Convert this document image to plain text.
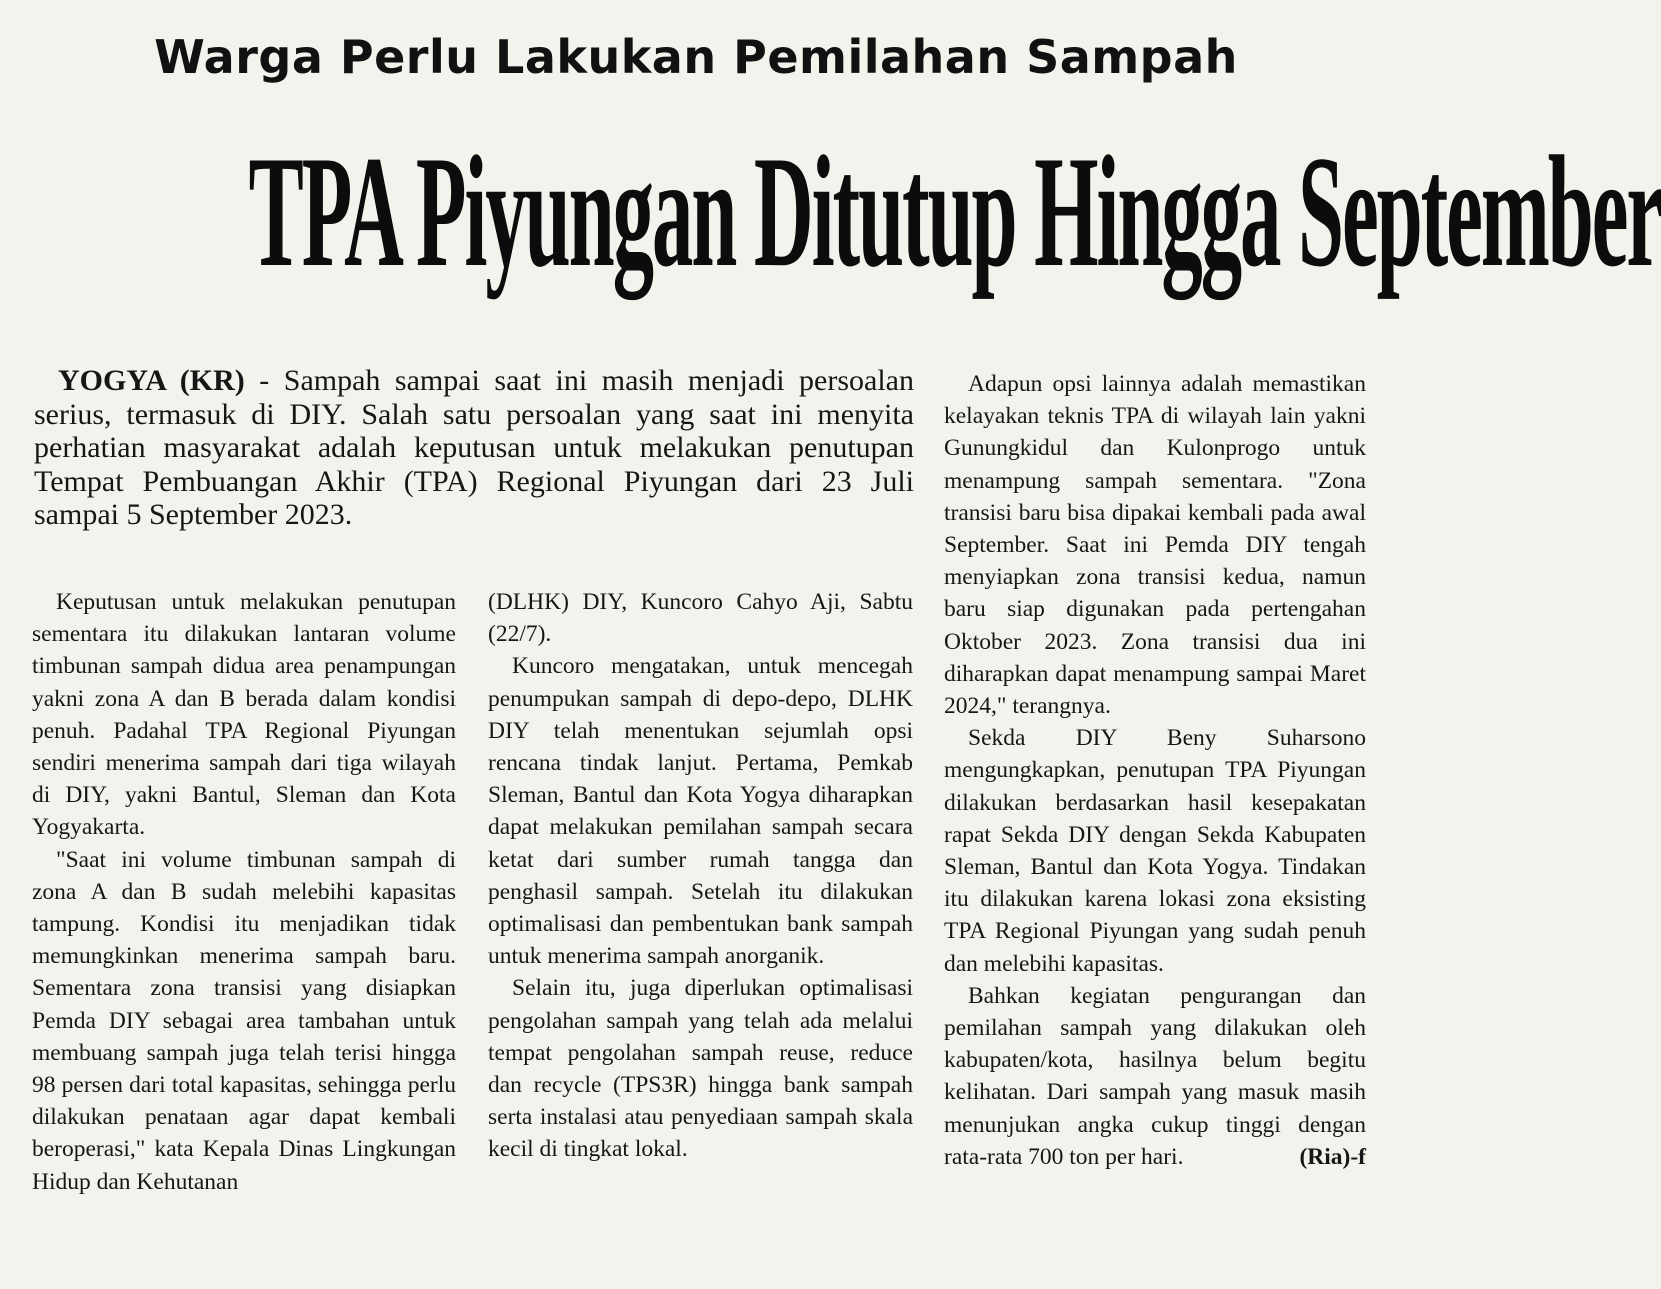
Warga Perlu Lakukan Pemilahan Sampah
TPA Piyungan Ditutup Hingga September

YOGYA (KR) - Sampah sampai saat ini masih menjadi persoalan serius, termasuk di DIY. Salah satu persoalan yang saat ini menyita perhatian masyarakat adalah keputusan untuk melakukan penutupan Tempat Pembuangan Akhir (TPA) Regional Piyungan dari 23 Juli sampai 5 September 2023.

Keputusan untuk melakukan penutupan sementara itu dilakukan lantaran volume timbunan sampah didua area penampungan yakni zona A dan B berada dalam kondisi penuh. Padahal TPA Regional Piyungan sendiri menerima sampah dari tiga wilayah di DIY, yakni Bantul, Sleman dan Kota Yogyakarta.

"Saat ini volume timbunan sampah di zona A dan B sudah melebihi kapasitas tampung. Kondisi itu menjadikan tidak memungkinkan menerima sampah baru. Sementara zona transisi yang disiapkan Pemda DIY sebagai area tambahan untuk membuang sampah juga telah terisi hingga 98 persen dari total kapasitas, sehingga perlu dilakukan penataan agar dapat kembali beroperasi," kata Kepala Dinas Lingkungan Hidup dan Kehutanan

(DLHK) DIY, Kuncoro Cahyo Aji, Sabtu (22/7).

Kuncoro mengatakan, untuk mencegah penumpukan sampah di depo-depo, DLHK DIY telah menentukan sejumlah opsi rencana tindak lanjut. Pertama, Pemkab Sleman, Bantul dan Kota Yogya diharapkan dapat melakukan pemilahan sampah secara ketat dari sumber rumah tangga dan penghasil sampah. Setelah itu dilakukan optimalisasi dan pembentukan bank sampah untuk menerima sampah anorganik.

Selain itu, juga diperlukan optimalisasi pengolahan sampah yang telah ada melalui tempat pengolahan sampah reuse, reduce dan recycle (TPS3R) hingga bank sampah serta instalasi atau penyediaan sampah skala kecil di tingkat lokal.

Adapun opsi lainnya adalah memastikan kelayakan teknis TPA di wilayah lain yakni Gunungkidul dan Kulonprogo untuk menampung sampah sementara. "Zona transisi baru bisa dipakai kembali pada awal September. Saat ini Pemda DIY tengah menyiapkan zona transisi kedua, namun baru siap digunakan pada pertengahan Oktober 2023. Zona transisi dua ini diharapkan dapat menampung sampai Maret 2024," terangnya.

Sekda DIY Beny Suharsono mengungkapkan, penutupan TPA Piyungan dilakukan berdasarkan hasil kesepakatan rapat Sekda DIY dengan Sekda Kabupaten Sleman, Bantul dan Kota Yogya. Tindakan itu dilakukan karena lokasi zona eksisting TPA Regional Piyungan yang sudah penuh dan melebihi kapasitas.

Bahkan kegiatan pengurangan dan pemilahan sampah yang dilakukan oleh kabupaten/kota, hasilnya belum begitu kelihatan. Dari sampah yang masuk masih menunjukan angka cukup tinggi dengan rata-rata 700 ton per hari.	(Ria)-f
